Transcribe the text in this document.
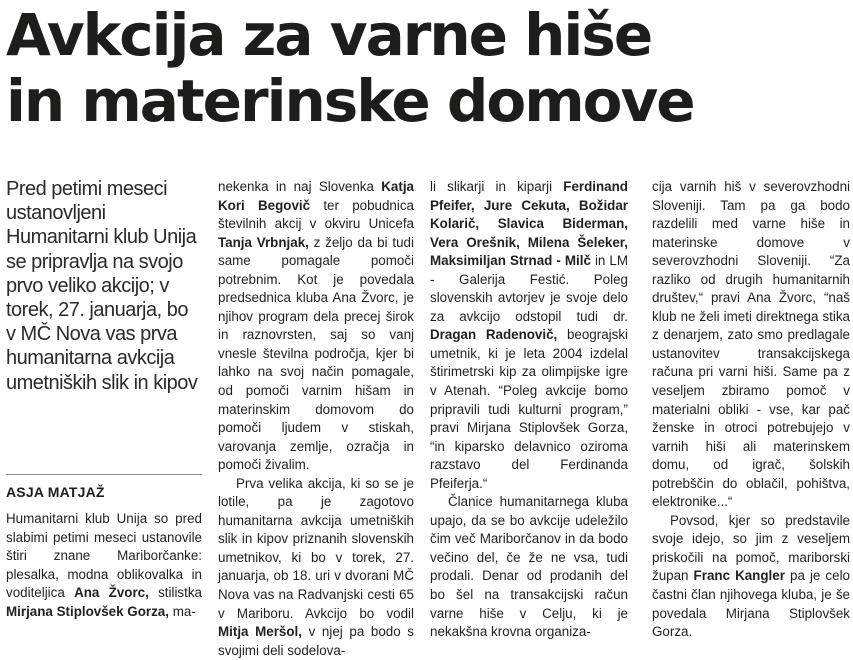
Avkcija za varne hiše
in materinske domove

Pred petimi meseci ustanovljeni Humanitarni klub Unija se pripravlja na svojo prvo veliko akcijo; v torek, 27. januarja, bo v MČ Nova vas prva humanitarna avkcija umetniških slik in kipov

ASJA MATJAŽ

Humanitarni klub Unija so pred slabimi petimi meseci ustanovile štiri znane Mariborčanke: plesalka, modna oblikovalka in voditeljica Ana Žvorc, stilistka Mirjana Stiplovšek Gorza, ma-

nekenka in naj Slovenka Katja Kori Begovič ter pobudnica številnih akcij v okviru Unicefa Tanja Vrbnjak, z željo da bi tudi same pomagale pomoči potrebnim. Kot je povedala predsednica kluba Ana Žvorc, je njihov program dela precej širok in raznovrsten, saj so vanj vnesle številna področja, kjer bi lahko na svoj način pomagale, od pomoči varnim hišam in materinskim domovom do pomoči ljudem v stiskah, varovanja zemlje, ozračja in pomoči živalim.

Prva velika akcija, ki so se je lotile, pa je zagotovo humanitarna avkcija umetniških slik in kipov priznanih slovenskih umetnikov, ki bo v torek, 27. januarja, ob 18. uri v dvorani MČ Nova vas na Radvanjski cesti 65 v Mariboru. Avkcijo bo vodil Mitja Meršol, v njej pa bodo s svojimi deli sodelova-

li slikarji in kiparji Ferdinand Pfeifer, Jure Cekuta, Božidar Kolarič, Slavica Biderman, Vera Orešnik, Milena Šeleker, Maksimiljan Strnad - Milč in LM - Galerija Festić. Poleg slovenskih avtorjev je svoje delo za avkcijo odstopil tudi dr. Dragan Radenovič, beograjski umetnik, ki je leta 2004 izdelal štirimetrski kip za olimpijske igre v Atenah. “Poleg avkcije bomo pripravili tudi kulturni program,” pravi Mirjana Stiplovšek Gorza, “in kiparsko delavnico oziroma razstavo del Ferdinanda Pfeiferja.“

Članice humanitarnega kluba upajo, da se bo avkcije udeležilo čim več Mariborčanov in da bodo večino del, če že ne vsa, tudi prodali. Denar od prodanih del bo šel na transakcijski račun varne hiše v Celju, ki je nekakšna krovna organiza-

cija varnih hiš v severovzhodni Sloveniji. Tam pa ga bodo razdelili med varne hiše in materinske domove v severovzhodni Sloveniji. “Za razliko od drugih humanitarnih društev,“ pravi Ana Žvorc, “naš klub ne želi imeti direktnega stika z denarjem, zato smo predlagale ustanovitev transakcijskega računa pri varni hiši. Same pa z veseljem zbiramo pomoč v materialni obliki - vse, kar pač ženske in otroci potrebujejo v varnih hiši ali materinskem domu, od igrač, šolskih potrebščin do oblačil, pohištva, elektronike...“

Povsod, kjer so predstavile svoje idejo, so jim z veseljem priskočili na pomoč, mariborski župan Franc Kangler pa je celo častni član njihovega kluba, je še povedala Mirjana Stiplovšek Gorza.
